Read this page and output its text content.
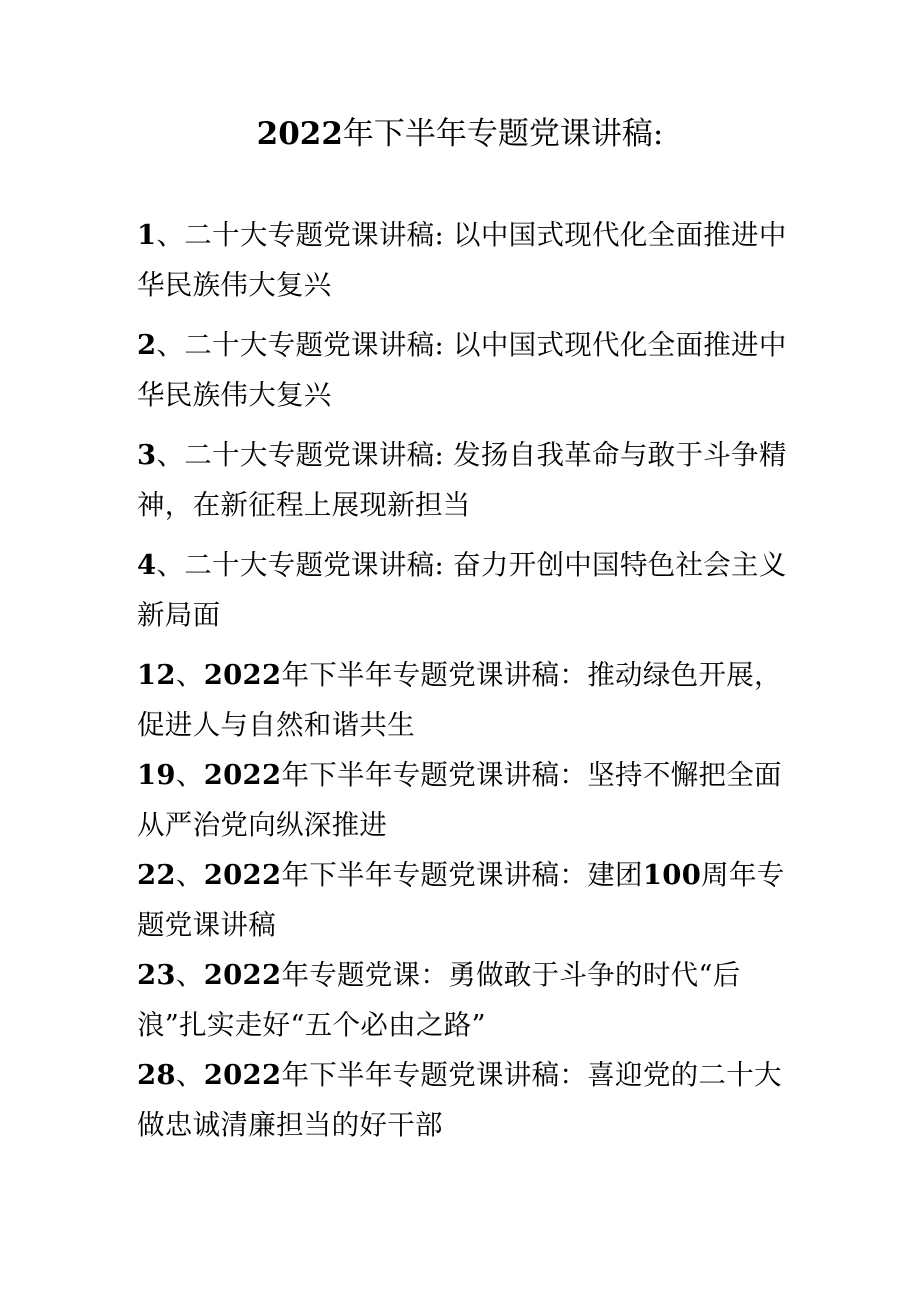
2022年下半年专题党课讲稿:
1、二十大专题党课讲稿: 以中国式现代化全面推进中华民族伟大复兴
2、二十大专题党课讲稿: 以中国式现代化全面推进中华民族伟大复兴
3、二十大专题党课讲稿: 发扬自我革命与敢于斗争精神，在新征程上展现新担当
4、二十大专题党课讲稿: 奋力开创中国特色社会主义新局面
12、2022年下半年专题党课讲稿：推动绿色开展，促进人与自然和谐共生
19、2022年下半年专题党课讲稿：坚持不懈把全面从严治党向纵深推进
22、2022年下半年专题党课讲稿：建团100周年专题党课讲稿
23、2022年专题党课：勇做敢于斗争的时代“后浪”扎实走好“五个必由之路”
28、2022年下半年专题党课讲稿：喜迎党的二十大做忠诚清廉担当的好干部
